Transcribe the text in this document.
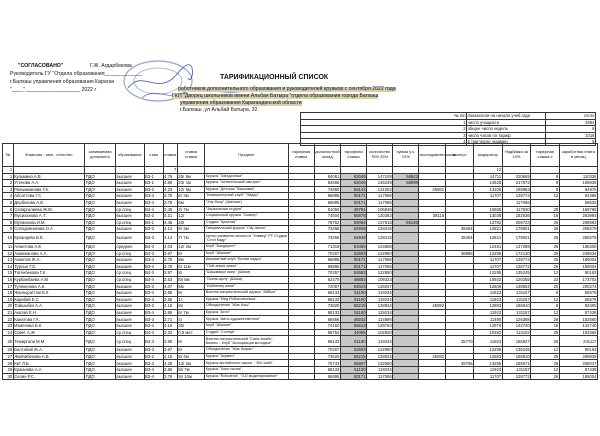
"СОГЛАСОВАНО"	Г.Ж. Агдарбекова
Руководитель ГУ "Отдела образования_____________
г.Балхаш управления образования Караган
"____"___________________ 2022 г
ТАРИФИКАЦИОННЫЙ СПИСОК
работников дополнительного образования и руководителей кружков с сентября 2022 года
ГКП "Дворец школьников имени Альбая Батыра "отдела образования города Балхаш
управления образования Карагандинской области
г.Балхаш ,ул Альбай Батыра, 32
№ п/п	показатели на начало учеб.года	итого
1	число учащихся	2654
2	общее число недель	8
3	число часов по тариф	1018
4	в том числе экзамен	8
№	Фамилия , имя , отчество	занимаемая должность	образование	стаж	ставка	ставка ставка	Предмет	тарифная ставка	должностной оклад	тарифная ставка	количество 75% 25%	сумма у.ч. 10%	исследовательская	эксперт	модератор	Надбавка за 10%	тарифная ставка с	заработная плата в месяц
1					7										12			
1	Кузьмина А.В.	ПДО	высшее	В3-1	4.75	25г 9м	Кружок "Загадочные"		84061	63046	147108	58843			14711	220669	9	110336
2	Утенова А.А.	ПДО	высшее	В3-1	4.89	23г 1м	Кружок "Читательский смотрит"		82666	62049	145249	58099			14525	217872	9	108936
3	Рахымжанова Г.К.	ПДО	высшее	В3-2	4.23	12г 6м	Кружок "Детская "Вышивка"		74850	56144	131002		45651		13100	189953	9	94976
4	Абсаттова Г.С	ПДО	высшее	В3-4	3.78	6г 3м	"Компьютерный клуб" "Лидер"		66895	50171	117066				11707	128772	12	64386
5	Дербекова А.Б	ПДО	высшее	В3-4	3.78	6м	"Хоу болу" (Шахмат)		66895	50171	117066					117066		58533
6	Сапаргалиева Ж.М.	ПДО	ср.спец	В4-4	3.45	3г 7м	"Зеркальная студия"		61050	45791	106846				10685	117530	28	159766
7	Мусиханова А.Т.	ПДО	высшее	В3-2	4.21	12г	Социальный кружок "Сканер"		74504	55878	130383		39115		13038	182536	16	263993
8	Мугманова И.М.	ПДО	ср.спец	В4-1	4.45	20г	Студия "Креатив"		78752	59064	137815	55126			13782	206723	26	298693
9	Солодовникова О.А	ПДО	высшее	В3-3	4.14	8г 3м	Танцевальный кружок "City dance"		73266	54949	128215			38464	12821	179501	26	259279
10	Буханцева В.Е.	ПДО	высшее	В3-3	4.14	7г 7м	Центр развития личности "Универ" РТ Студия "Стоп Кадр"		73266	54949	128215			38464	12821	179501	26	259279
11	Алметова А.Е	ПДО	среднее	В4-3	4.03	12г 2м	Клуб "Бакдаулет"		71319	53489	124808				12481	137289	26	198306
12	Ахмежанова А.А.	ПДО	ср.спец	В4-3	3.97	8г	Клуб "Шахмат"		70257	52693	122950			36885	12295	172130	20	248634
13	Ахметов Ж.А.	ПДО	высшее	В3-4	3.78	8м	Шахматный клуб "Белая ладья"		66895	50171	117066				11707	128772	26	186004
14	Турсын Г.Е.	ПДО	высшее	В3-4	3.78	6г 11м	"Пой зевал-хазах"		66895	50171	117066				11707	128772	26	186004
15	Татенбекова Г.К	ПДО	ср.спец	В4-3	3.97	8г	"Шашмакул икер" (Шахм)		70257	52693	122950				12295	135245	12	90163
16	Курбанбаева А.М	ПДО	ср.спец	В4-4	3.53	8л 8м	"Осень арлу" (Шахм)		62470	46853	109323				10932	120255	22	173702
17	Тулекенова А.К.	ПДО	высшее	В3-3	4.07	5м	"Бейнелеу жане"		72087	54023	126047				12605	138652	20	200274
18	Жангыраттом Е.К	ПДО	высшее	В3-4	3.85	8г	Военно-патриотический кружок "Айбын"		68133	51100	119234				11923	131157	6	65578
19	Карабай Е.С	ПДО	высшее	В3-4	3.85	1г	Кружок "Мед Робототехника"		68133	51100	119234				11923	131157	12	65579
20	Тойшыбек А.А	ПДО	высшее	В3-2	4.16	8л	Объединение "Жас Кош"		73620	55215	128834		45092		12883	186810	8	93405
21	Акатай Е.Н	ПДО	высшее	В3-4	3.85	6г 7м	Кружок "Агон"		68133	51100	119234				11923	131157	12	87438
22	Канатова Г.К.	ПДО	высшее	В3-3	3.71	4г	Кружок "Авто-художественное"		65656	49242	114898				11490	126388	28	182560
23	Ихменова Б.К	ПДО	высшее	В3-4	4.16	30г	Клуб "Шахмат"		74150	55613	129763				12976	142740	18	142740
24	Совет А.Ж	ПДО	ср.спец	В4-4	3.32	0.9 мес	Студия "Солнце"		58754	44066	102820				10282	113102	26	163369
25	Темиргали М.М	ПДО	ср.спец	В4-3	3.85	8г	Военно-патриотический "Сана Алайс", Бизнес - Клуб "Ассоциация молодых"		68133	51100	119234			35770	11923	166927	26	241117
26	Балтабай Ж.А.	ПДО	высшее	В3-3	3.97	8г	Объединение "Жас Кыран"		70257	52693	122950				12295	135245	12	90163
27	Жайчибекова А.Б	ПДО	высшее	В3-2	4.16	8г 4м	Кружок "Акумен"		73620	55215	128834		45092		12883	186810	26	269839
28	Кит Л.Б	ПДО	высшее	В3-3	4.28	13г 2м	Кружок английского языка - "Юн скай"		75743	56807	132550			39765	13255	185571	26	268047
29	Ержанова А.А	ПДО	высшее	В3-4	3.85	8л 7м	Кружок "Хоис палик"		68133	51100	119234				11923	131157	12	87438
30	Селин Р.С.	ПДО	высшее	В3-4	3.78	9л 10м	Кружок "Robolend", "3.D моделирование"		66895	50171	117066				11707	128772	26	186004
